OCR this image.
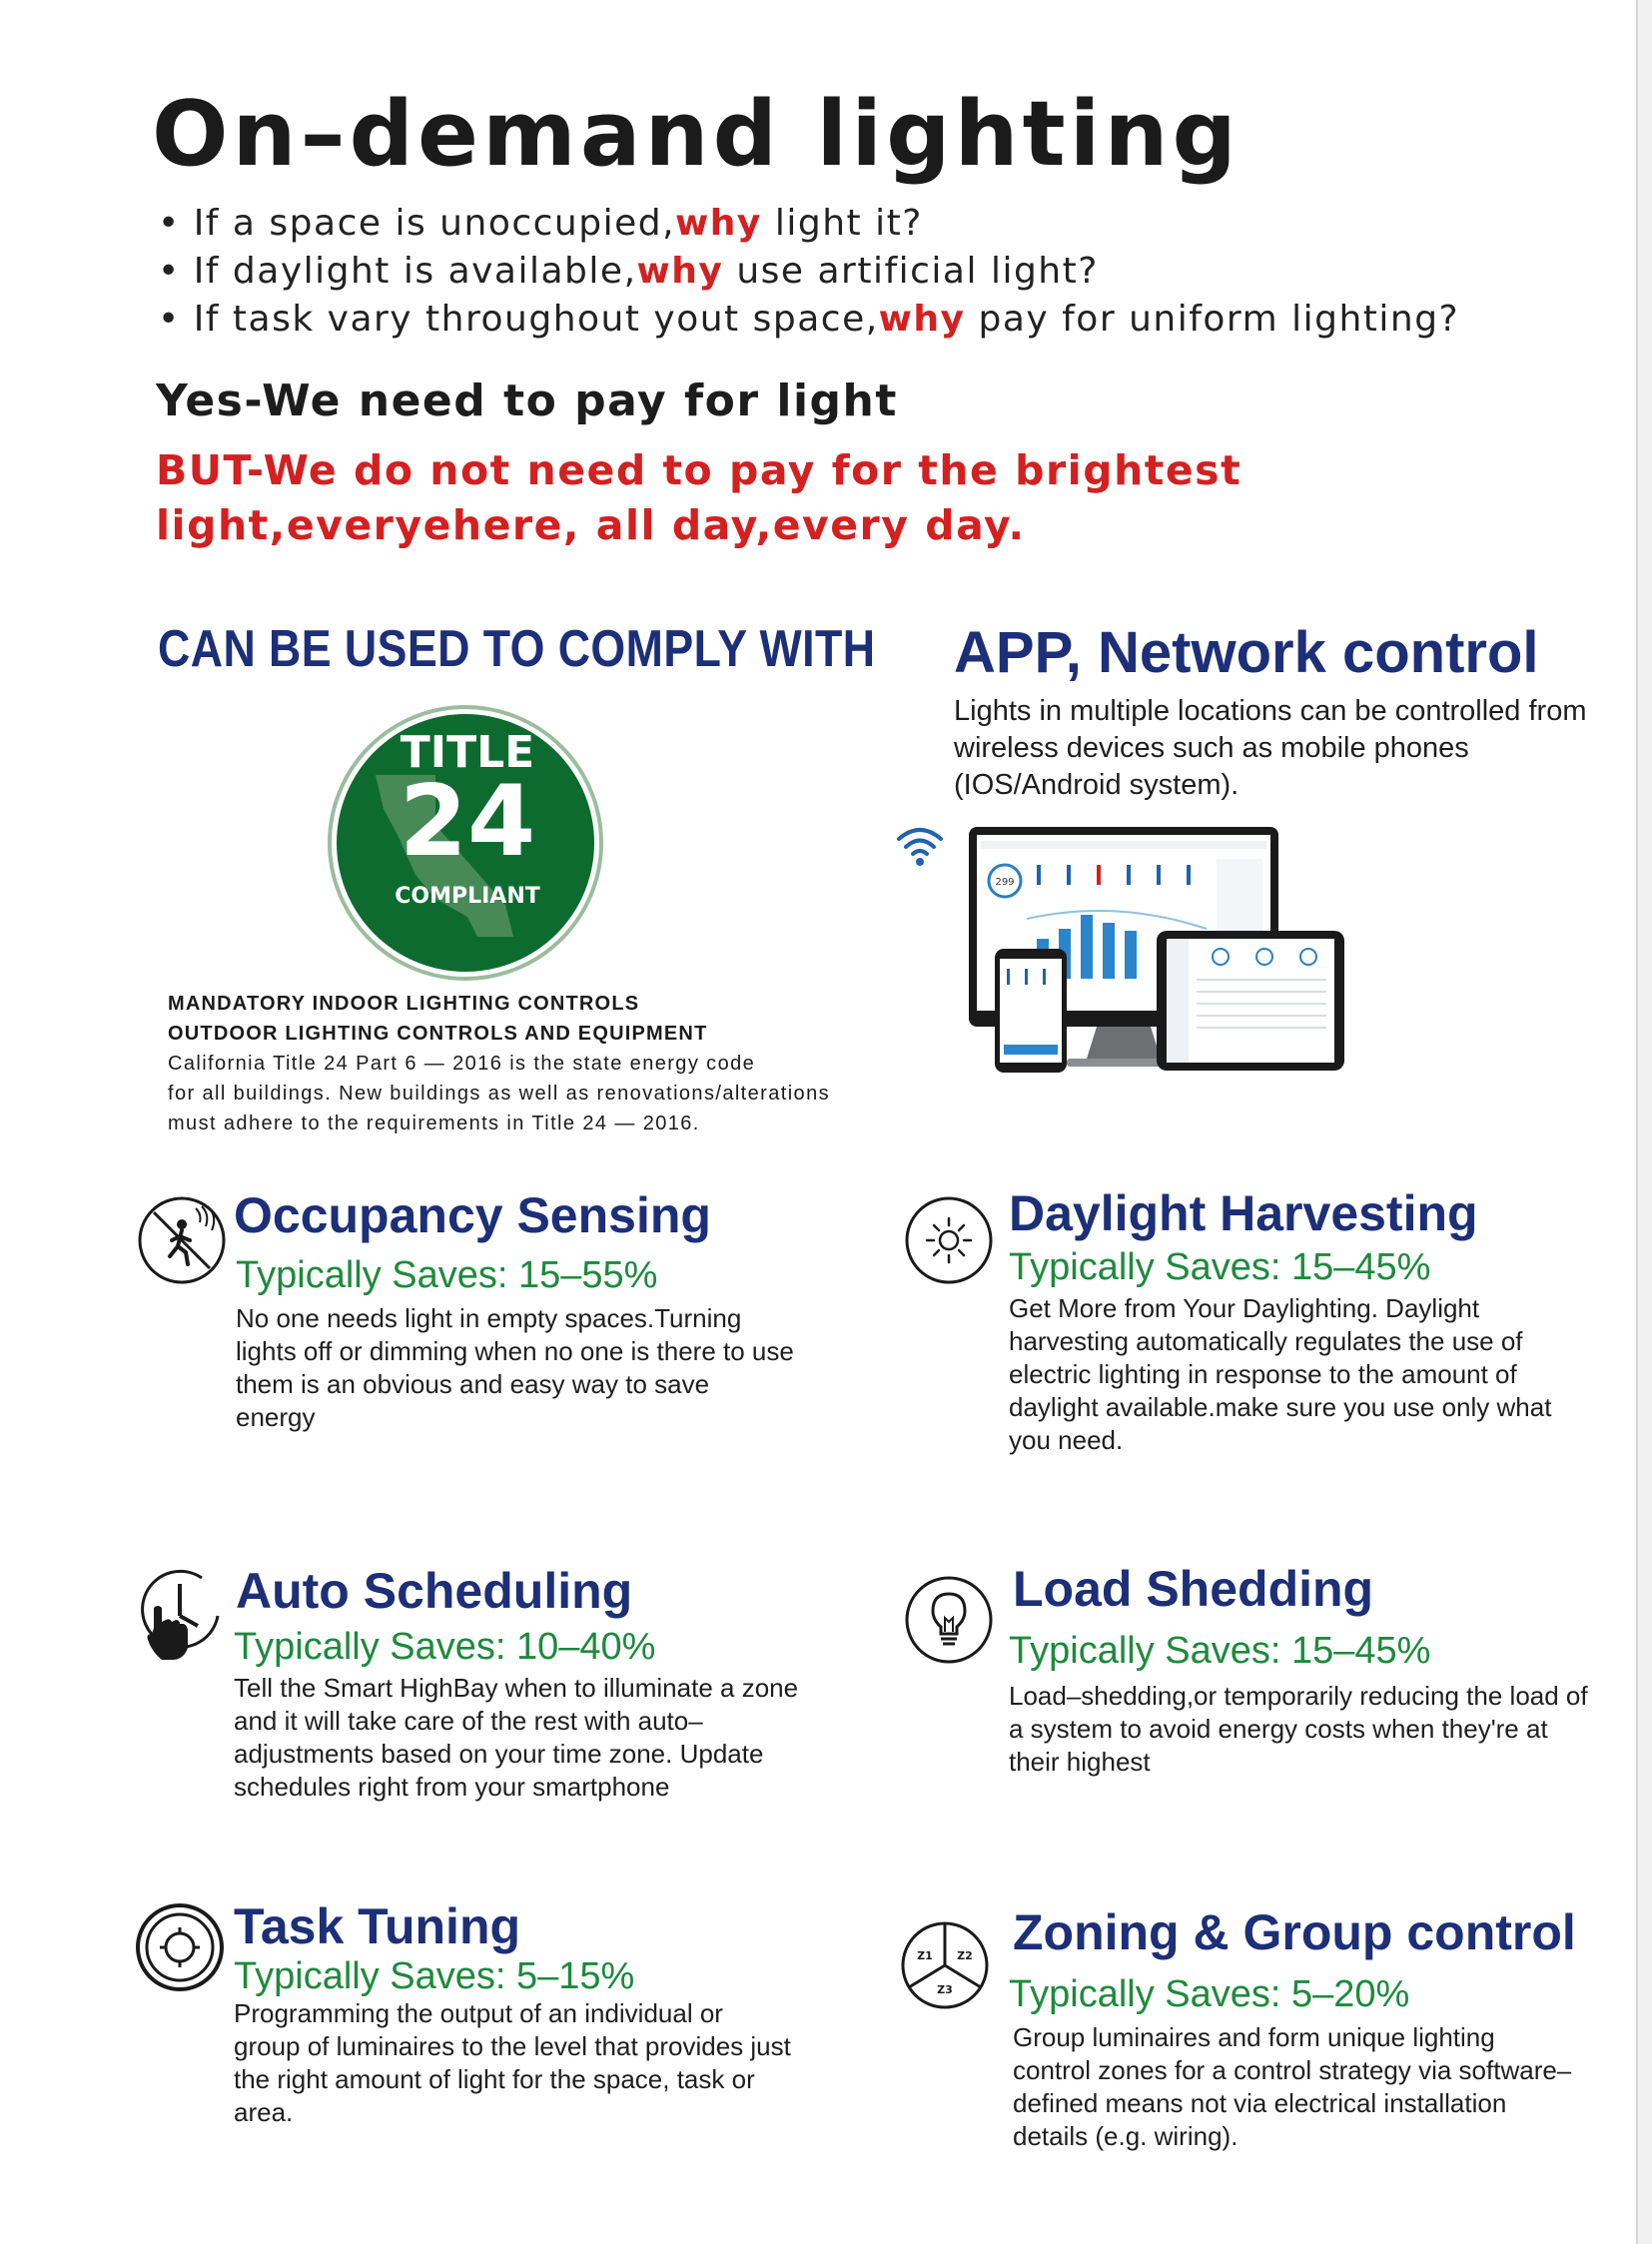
On–demand lighting
• If a space is unoccupied,why light it?
• If daylight is available,why use artificial light?
• If task vary throughout yout space,why pay for uniform lighting?

Yes-We need to pay for light

BUT-We do not need to pay for the brightest light,everyehere, all day,every day.

CAN BE USED TO COMPLY WITH
TITLE
24
COMPLIANT
MANDATORY INDOOR LIGHTING CONTROLS
OUTDOOR LIGHTING CONTROLS AND EQUIPMENT
California Title 24 Part 6 — 2016 is the state energy code
for all buildings. New buildings as well as renovations/alterations
must adhere to the requirements in Title 24 — 2016.
APP, Network control

Lights in multiple locations can be controlled from wireless devices such as mobile phones (IOS/Android system).

299
Occupancy Sensing

Typically Saves: 15–55%

No one needs light in empty spaces.Turning lights off or dimming when no one is there to use them is an obvious and easy way to save energy

Daylight Harvesting

Typically Saves: 15–45%

Get More from Your Daylighting. Daylight harvesting automatically regulates the use of electric lighting in response to the amount of daylight available.make sure you use only what you need.

Auto Scheduling

Typically Saves: 10–40%

Tell the Smart HighBay when to illuminate a zone and it will take care of the rest with auto–adjustments based on your time zone. Update schedules right from your smartphone

Load Shedding

Typically Saves: 15–45%

Load–shedding,or temporarily reducing the load of a system to avoid energy costs when they're at their highest

Task Tuning

Typically Saves: 5–15%

Programming the output of an individual or group of luminaires to the level that provides just the right amount of light for the space, task or area.

Z1 Z2
Z3
Zoning & Group control

Typically Saves: 5–20%

Group luminaires and form unique lighting control zones for a control strategy via software–defined means not via electrical installation details (e.g. wiring).
